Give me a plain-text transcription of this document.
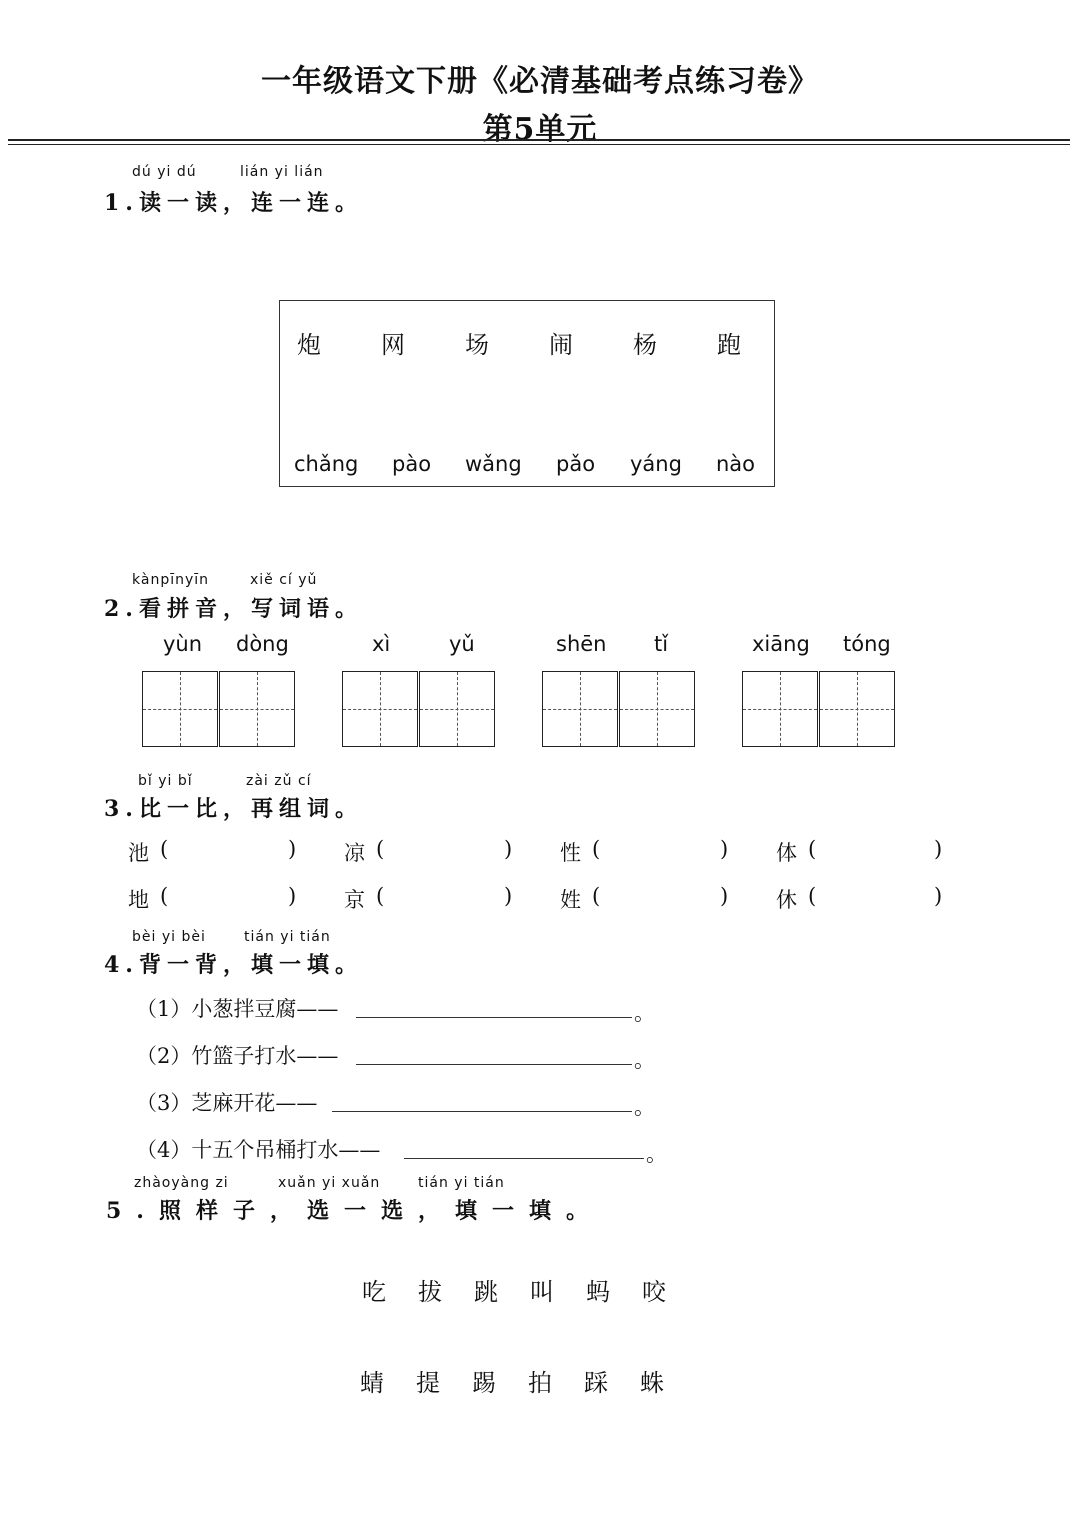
一年级语文下册《必清基础考点练习卷》
第5单元
dú yi dú	lián yi lián
1.读一读，连一连。
炮	网	场	闹	杨	跑
chǎng pào wǎng pǎo yáng nào
kànpīnyīn	xiě cí yǔ
2.看拼音，写词语。
yùn dòng	xì	yǔ	shēn tǐ	xiāng tóng
bǐ yi bǐ	zài zǔ cí
3.比一比，再组词。
池 (	) 凉 (	) 性 (	) 体 (	)
地 (	) 京 (	) 姓 (	) 休 (	)
bèi yi bèi	tián yi tián
4.背一背，填一填。
（1）小葱拌豆腐——	。
（2）竹篮子打水——	。
（3）芝麻开花——	。
（4）十五个吊桶打水——	。
zhàoyàng zi	xuǎn yi xuǎn	tián yi tián
5.照样子，选一选，填一填。
吃 拔 跳 叫 蚂 咬
蜻 提 踢 拍 踩 蛛
